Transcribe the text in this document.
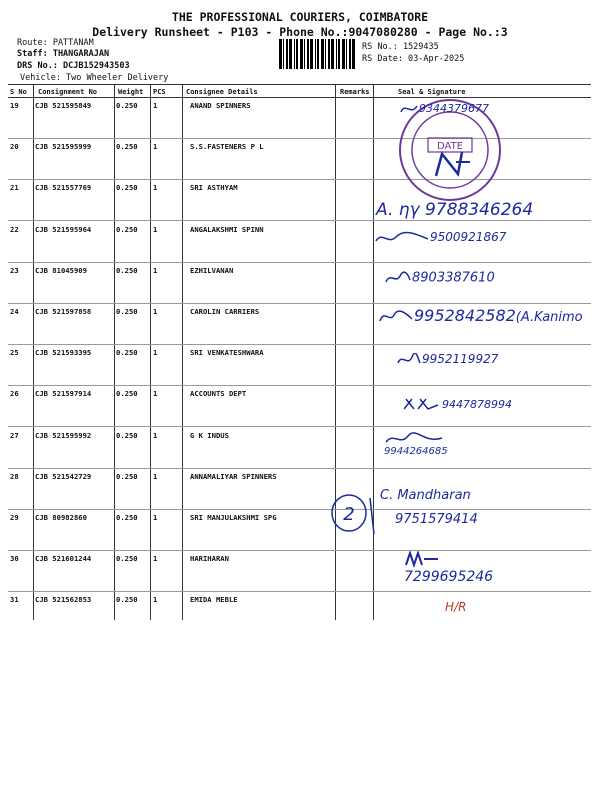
THE PROFESSIONAL COURIERS, COIMBATORE
Delivery Runsheet - P103 - Phone No.:9047080280 - Page No.:3
Route: PATTANAM
Staff: THANGARAJAN
DRS No.: DCJB152943503
Vehicle: Two Wheeler Delivery
RS No.: 1529435
RS Date: 03-Apr-2025
S No Consignment No	Weight PCS	Consignee Details	Remarks	Seal & Signature
19 CJB 521595849	0.250 1	ANAND SPINNERS
20 CJB 521595999	0.250 1	S.S.FASTENERS P L
21 CJB 521557769	0.250 1	SRI ASTHYAM
22 CJB 521595964	0.250 1	ANGALAKSHMI SPINN
23 CJB 81045909	0.250 1	EZHILVANAN
24 CJB 521597858	0.250 1	CAROLIN CARRIERS
25 CJB 521593395	0.250 1	SRI VENKATESHWARA
26 CJB 521597914	0.250 1	ACCOUNTS DEPT
27 CJB 521595992	0.250 1	G K INDUS
28 CJB 521542729	0.250 1	ANNAMALIYAR SPINNERS
29 CJB 80982860	0.250 1	SRI MANJULAKSHMI SPG
30 CJB 521601244	0.250 1	HARIHARAN
31 CJB 521562853	0.250 1	EMIDA MEBLE
DATE
9344379677
A. ηγ 9788346264
9500921867
8903387610
9952842582(A.Kanimo
9952119927
9447878994
9944264685
C. Mandharan
9751579414
7299695246
H/R
2
